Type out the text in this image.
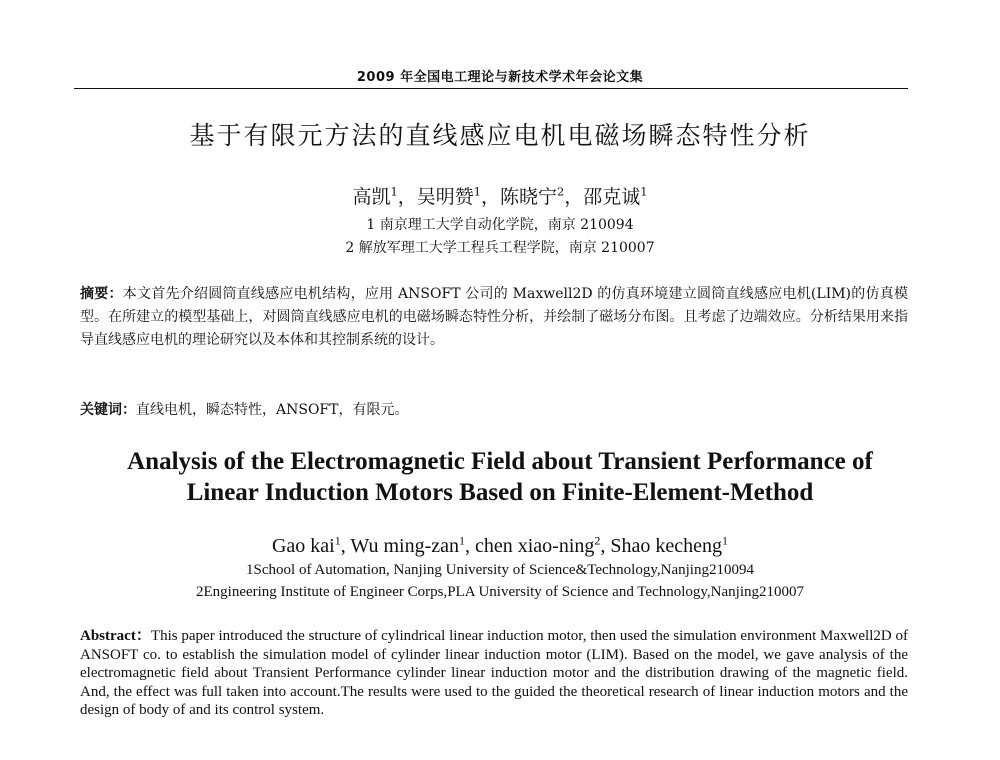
2009 年全国电工理论与新技术学术年会论文集
基于有限元方法的直线感应电机电磁场瞬态特性分析
高凯$^1$，吴明赞$^1$，陈晓宁$^2$，邵克诚$^1$
1 南京理工大学自动化学院，南京 210094
2 解放军理工大学工程兵工程学院，南京 210007
摘要：本文首先介绍圆筒直线感应电机结构，应用 ANSOFT 公司的 Maxwell2D 的仿真环境建立圆筒直线感应电机(LIM)的仿真模型。在所建立的模型基础上，对圆筒直线感应电机的电磁场瞬态特性分析，并绘制了磁场分布图。且考虑了边端效应。分析结果用来指导直线感应电机的理论研究以及本体和其控制系统的设计。
关键词：直线电机，瞬态特性，ANSOFT，有限元。
Analysis of the Electromagnetic Field about Transient Performance of
Linear Induction Motors Based on Finite-Element-Method
Gao kai$^1$, Wu ming-zan$^1$, chen xiao-ning$^2$, Shao kecheng$^1$
1School of Automation, Nanjing University of Science&Technology,Nanjing210094
2Engineering Institute of Engineer Corps,PLA University of Science and Technology,Nanjing210007
Abstract：This paper introduced the structure of cylindrical linear induction motor, then used the simulation environment Maxwell2D of ANSOFT co. to establish the simulation model of cylinder linear induction motor (LIM). Based on the model, we gave analysis of the electromagnetic field about Transient Performance cylinder linear induction motor and the distribution drawing of the magnetic field. And, the effect was full taken into account.The results were used to the guided the theoretical research of linear induction motors and the design of body of and its control system.
